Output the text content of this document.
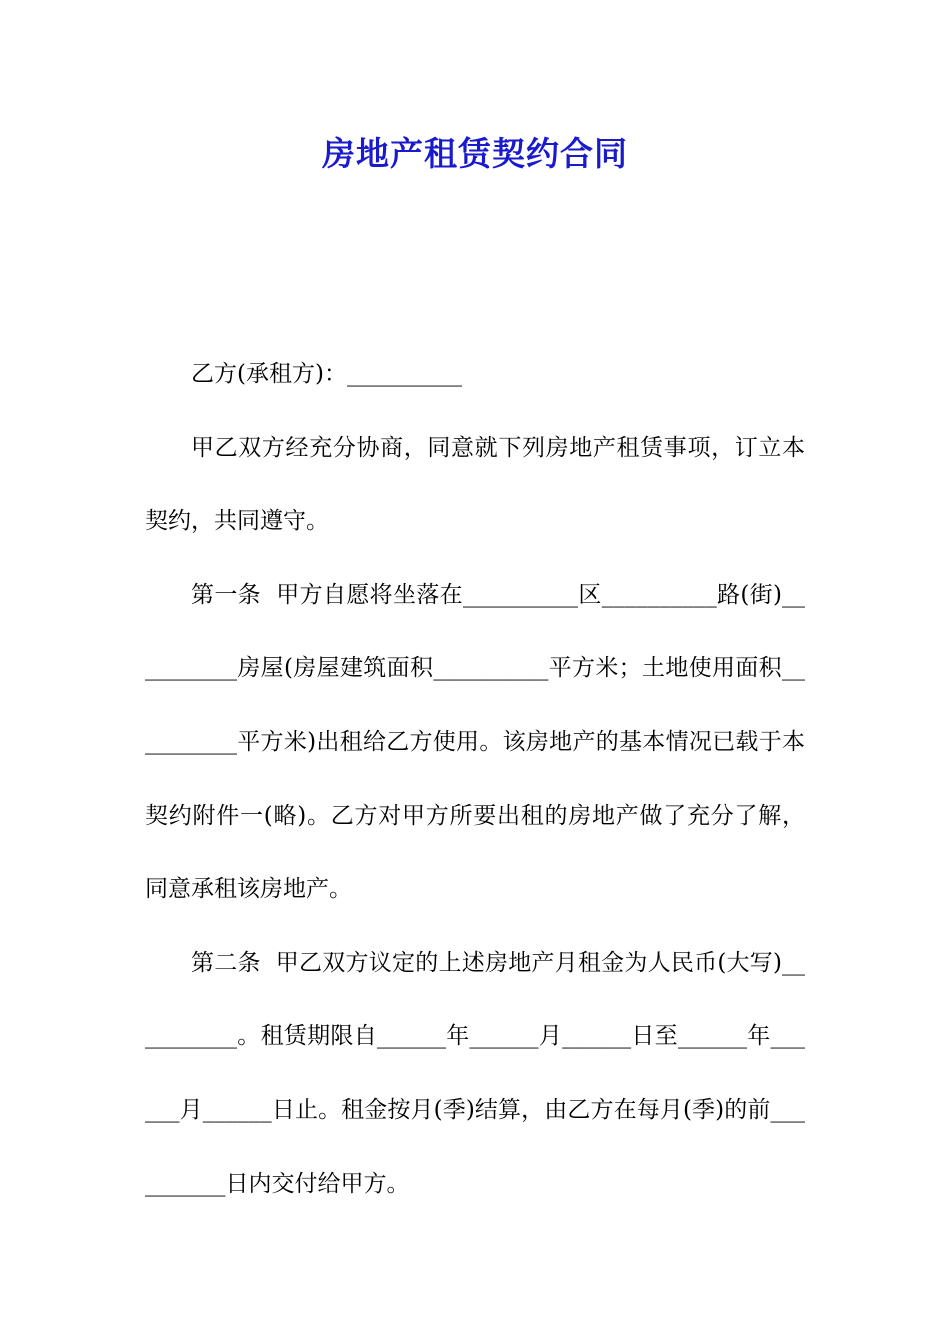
房地产租赁契约合同

乙方(承租方)：__________

甲乙双方经充分协商，同意就下列房地产租赁事项，订立本契约，共同遵守。

第一条  甲方自愿将坐落在__________区__________路(街)__________房屋(房屋建筑面积__________平方米；土地使用面积__________平方米)出租给乙方使用。该房地产的基本情况已载于本契约附件一(略)。乙方对甲方所要出租的房地产做了充分了解，同意承租该房地产。

第二条  甲乙双方议定的上述房地产月租金为人民币(大写)__________。租赁期限自______年______月______日至______年______月______日止。租金按月(季)结算，由乙方在每月(季)的前__________日内交付给甲方。
